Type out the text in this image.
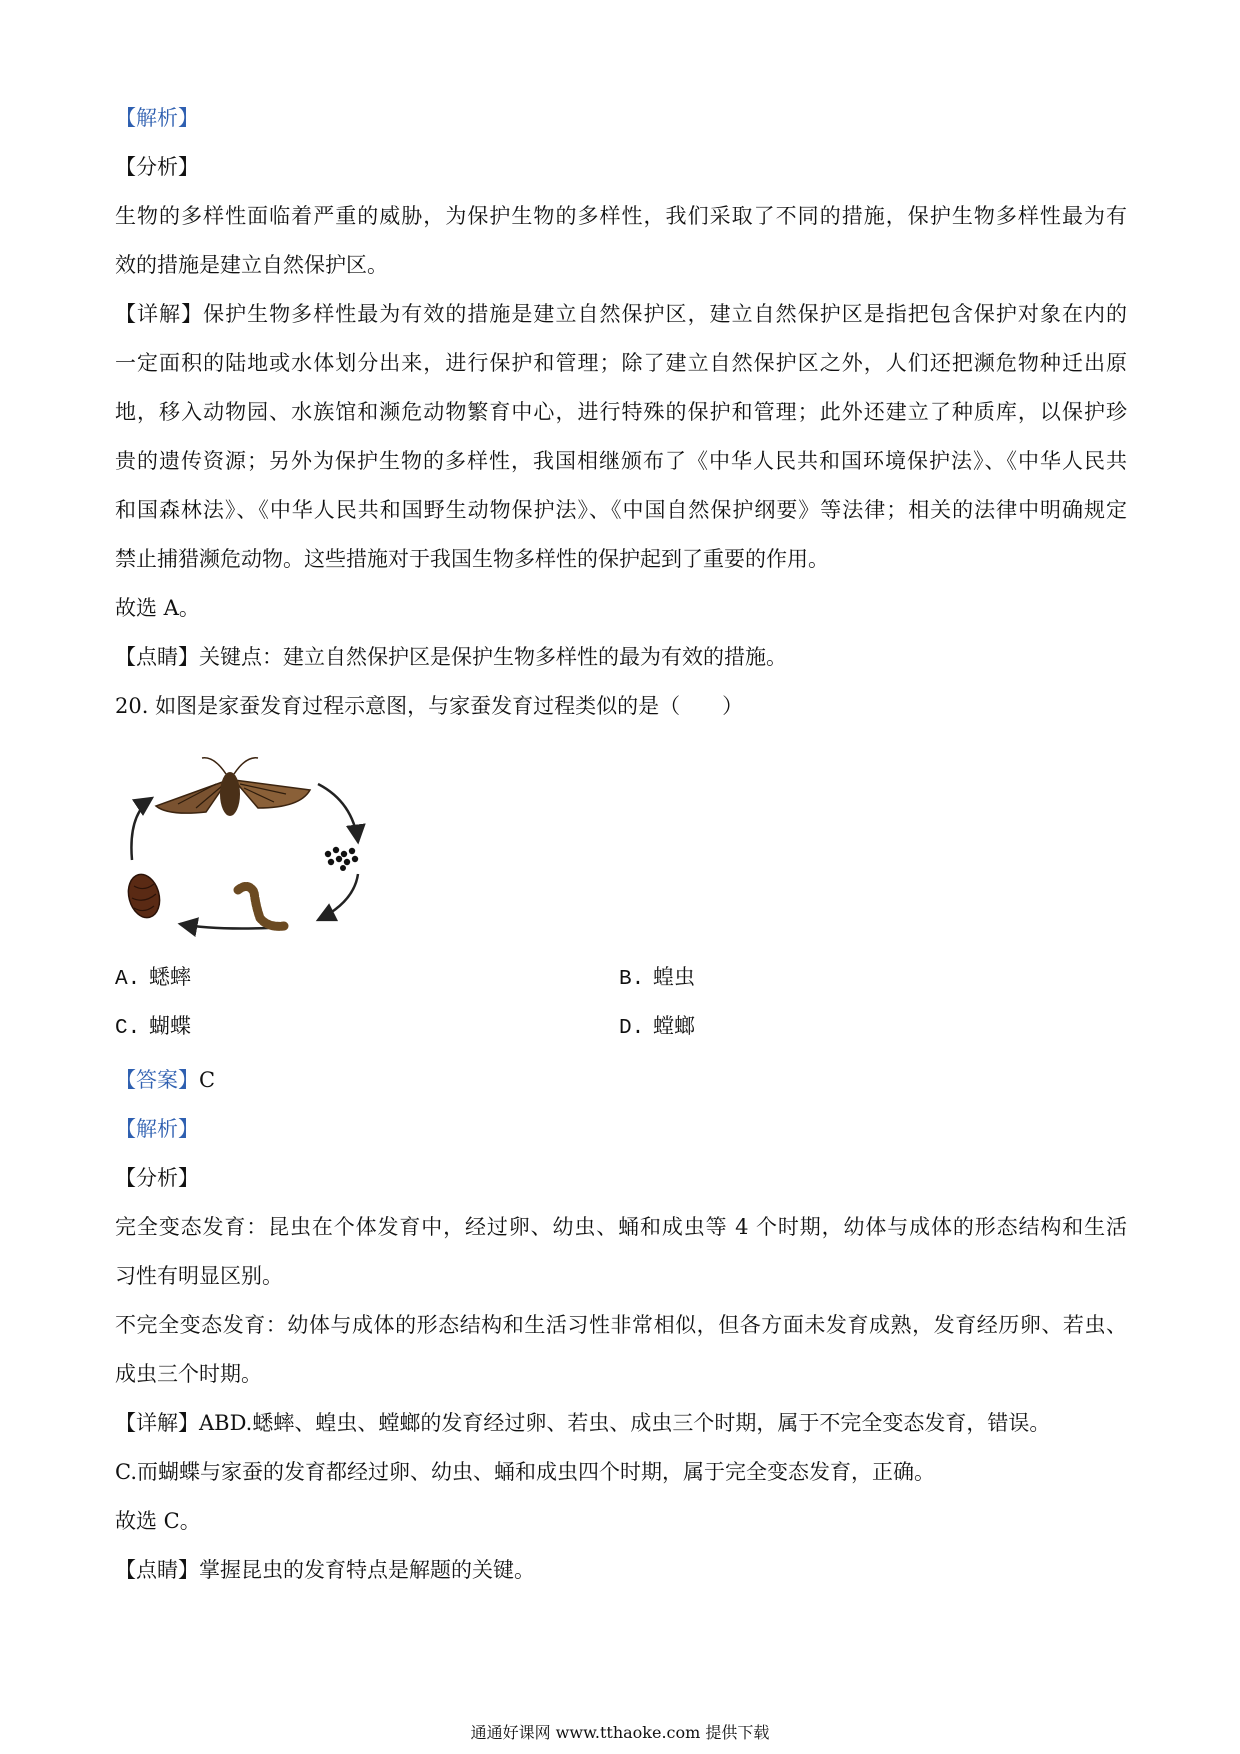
【解析】
【分析】
生物的多样性面临着严重的威胁，为保护生物的多样性，我们采取了不同的措施，保护生物多样性最为有
效的措施是建立自然保护区。
【详解】保护生物多样性最为有效的措施是建立自然保护区，建立自然保护区是指把包含保护对象在内的
一定面积的陆地或水体划分出来，进行保护和管理；除了建立自然保护区之外，人们还把濒危物种迁出原
地，移入动物园、水族馆和濒危动物繁育中心，进行特殊的保护和管理；此外还建立了种质库，以保护珍
贵的遗传资源；另外为保护生物的多样性，我国相继颁布了《中华人民共和国环境保护法》、《中华人民共
和国森林法》、《中华人民共和国野生动物保护法》、《中国自然保护纲要》等法律；相关的法律中明确规定
禁止捕猎濒危动物。这些措施对于我国生物多样性的保护起到了重要的作用。
故选 A。
【点睛】关键点：建立自然保护区是保护生物多样性的最为有效的措施。
20. 如图是家蚕发育过程示意图，与家蚕发育过程类似的是（　　）
A. 蟋蟀	B. 蝗虫
C. 蝴蝶	D. 螳螂
【答案】C
【解析】
【分析】
完全变态发育：昆虫在个体发育中，经过卵、幼虫、蛹和成虫等 4 个时期，幼体与成体的形态结构和生活
习性有明显区别。
不完全变态发育：幼体与成体的形态结构和生活习性非常相似，但各方面未发育成熟，发育经历卵、若虫、
成虫三个时期。
【详解】ABD.蟋蟀、蝗虫、螳螂的发育经过卵、若虫、成虫三个时期，属于不完全变态发育，错误。
C.而蝴蝶与家蚕的发育都经过卵、幼虫、蛹和成虫四个时期，属于完全变态发育，正确。
故选 C。
【点睛】掌握昆虫的发育特点是解题的关键。
通通好课网 www.tthaoke.com 提供下载
